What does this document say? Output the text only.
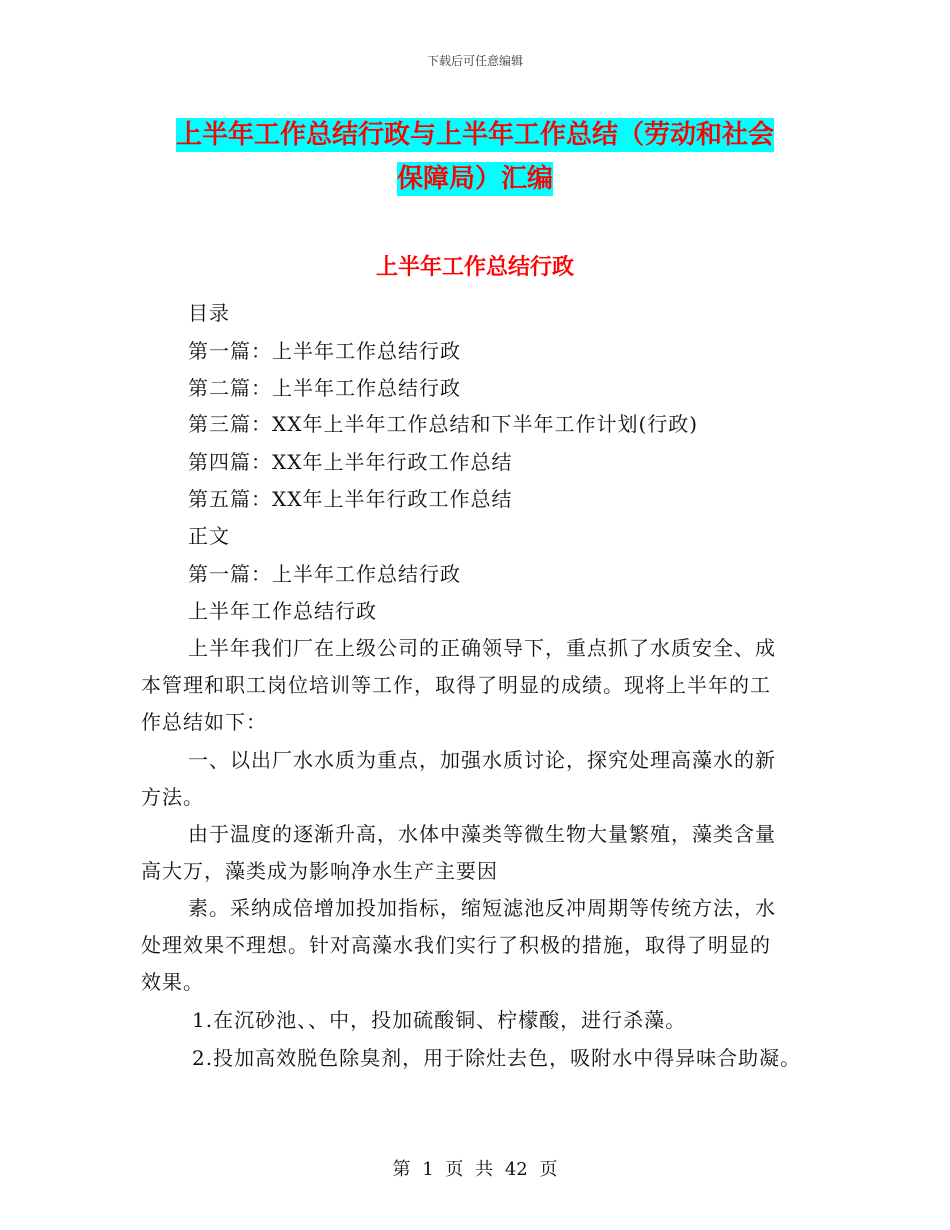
下载后可任意编辑
上半年工作总结行政与上半年工作总结（劳动和社会
保障局）汇编
上半年工作总结行政
目录
第一篇：上半年工作总结行政
第二篇：上半年工作总结行政
第三篇：XX年上半年工作总结和下半年工作计划(行政)
第四篇：XX年上半年行政工作总结
第五篇：XX年上半年行政工作总结
正文
第一篇：上半年工作总结行政
上半年工作总结行政
上半年我们厂在上级公司的正确领导下，重点抓了水质安全、成
本管理和职工岗位培训等工作，取得了明显的成绩。现将上半年的工
作总结如下：
一、以出厂水水质为重点，加强水质讨论，探究处理高藻水的新
方法。
由于温度的逐渐升高，水体中藻类等微生物大量繁殖，藻类含量
高大万，藻类成为影响净水生产主要因
素。采纳成倍增加投加指标，缩短滤池反冲周期等传统方法，水
处理效果不理想。针对高藻水我们实行了积极的措施，取得了明显的
效果。
1.在沉砂池、、中，投加硫酸铜、柠檬酸，进行杀藻。
2.投加高效脱色除臭剂，用于除灶去色，吸附水中得异味合助凝。
第 1 页 共 42 页
